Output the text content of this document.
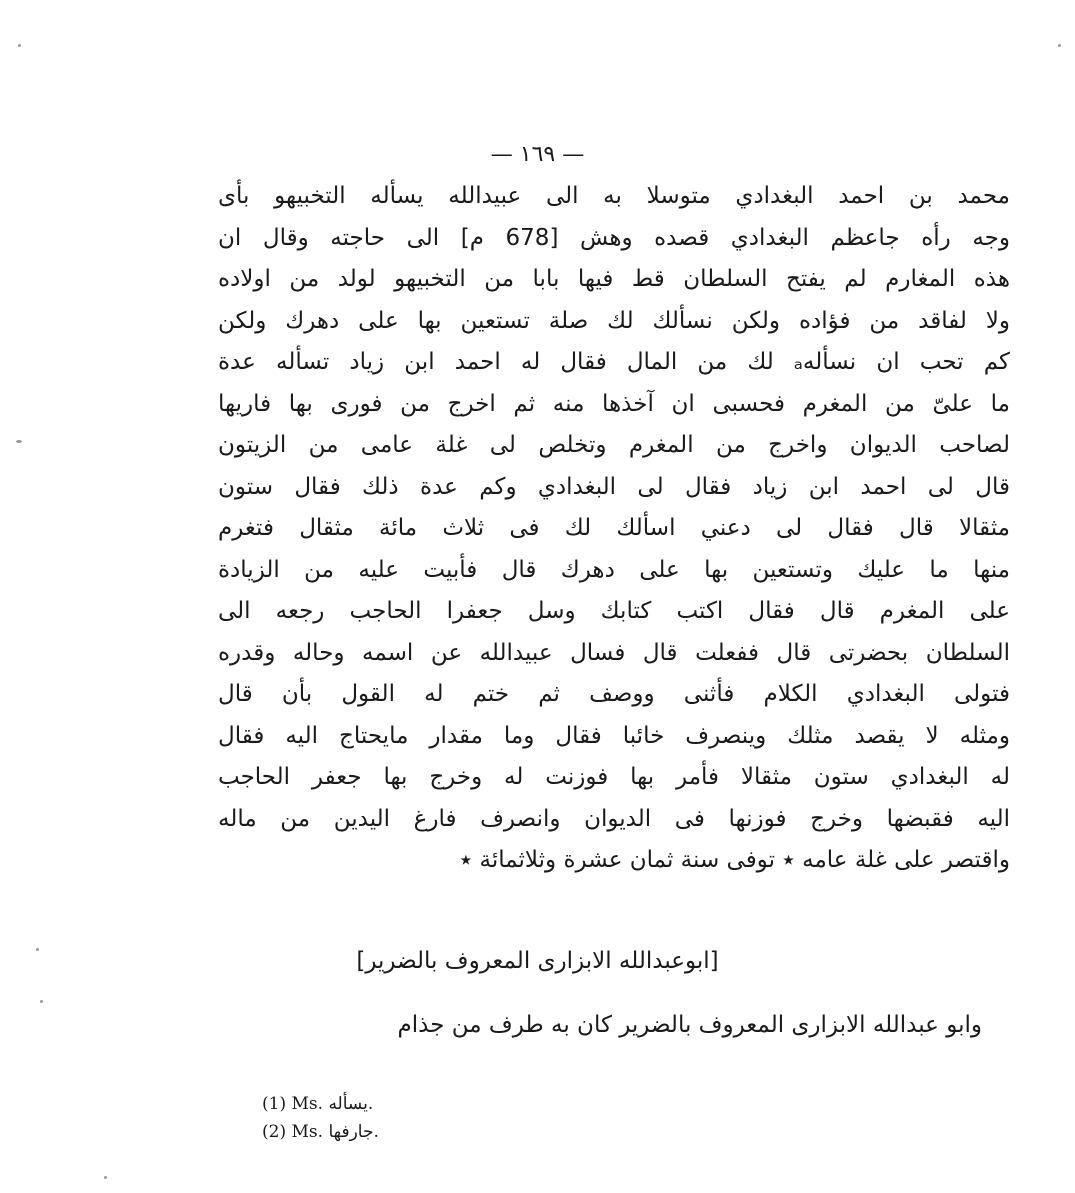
— ١٦٩ —
محمد بن احمد البغدادي متوسلا به الى عبيدالله يسأله التخبيهو بأى
وجه رأه جاعظم البغدادي قصده وهش [678 م] الى حاجته وقال ان
هذه المغارم لم يفتح السلطان قط فيها بابا من التخبيهو لولد من اولاده
ولا لفاقد من فؤاده ولكن نسألك لك صلة تستعين بها على دهرك ولكن
كم تحب ان نسألهₐ لك من المال فقال له احمد ابن زياد تسأله عدة
ما علىّ من المغرم فحسبى ان آخذها منه ثم اخرج من فورى بها فاريها
لصاحب الديوان واخرج من المغرم وتخلص لى غلة عامى من الزيتون
قال لى احمد ابن زياد فقال لى البغدادي وكم عدة ذلك فقال ستون
مثقالا قال فقال لى دعني اسألك لك فى ثلاث مائة مثقال فتغرم
منها ما عليك وتستعين بها على دهرك قال فأبيت عليه من الزيادة
على المغرم قال فقال اكتب كتابك وسل جعفرا الحاجب رجعه الى
السلطان بحضرتى قال ففعلت قال فسال عبيدالله عن اسمه وحاله وقدره
فتولى البغدادي الكلام فأثنى ووصف ثم ختم له القول بأن قال
ومثله لا يقصد مثلك وينصرف خائبا فقال وما مقدار مايحتاج اليه فقال
له البغدادي ستون مثقالا فأمر بها فوزنت له وخرج بها جعفر الحاجب
اليه فقبضها وخرج فوزنها فى الديوان وانصرف فارغ اليدين من ماله
واقتصر على غلة عامه ٭ توفى سنة ثمان عشرة وثلاثمائة ٭
[ابوعبدالله الابزارى المعروف بالضرير]
وابو عبدالله الابزارى المعروف بالضرير كان به طرف من جذام
(1) Ms. يسأله.
(2) Ms. جارفها.
